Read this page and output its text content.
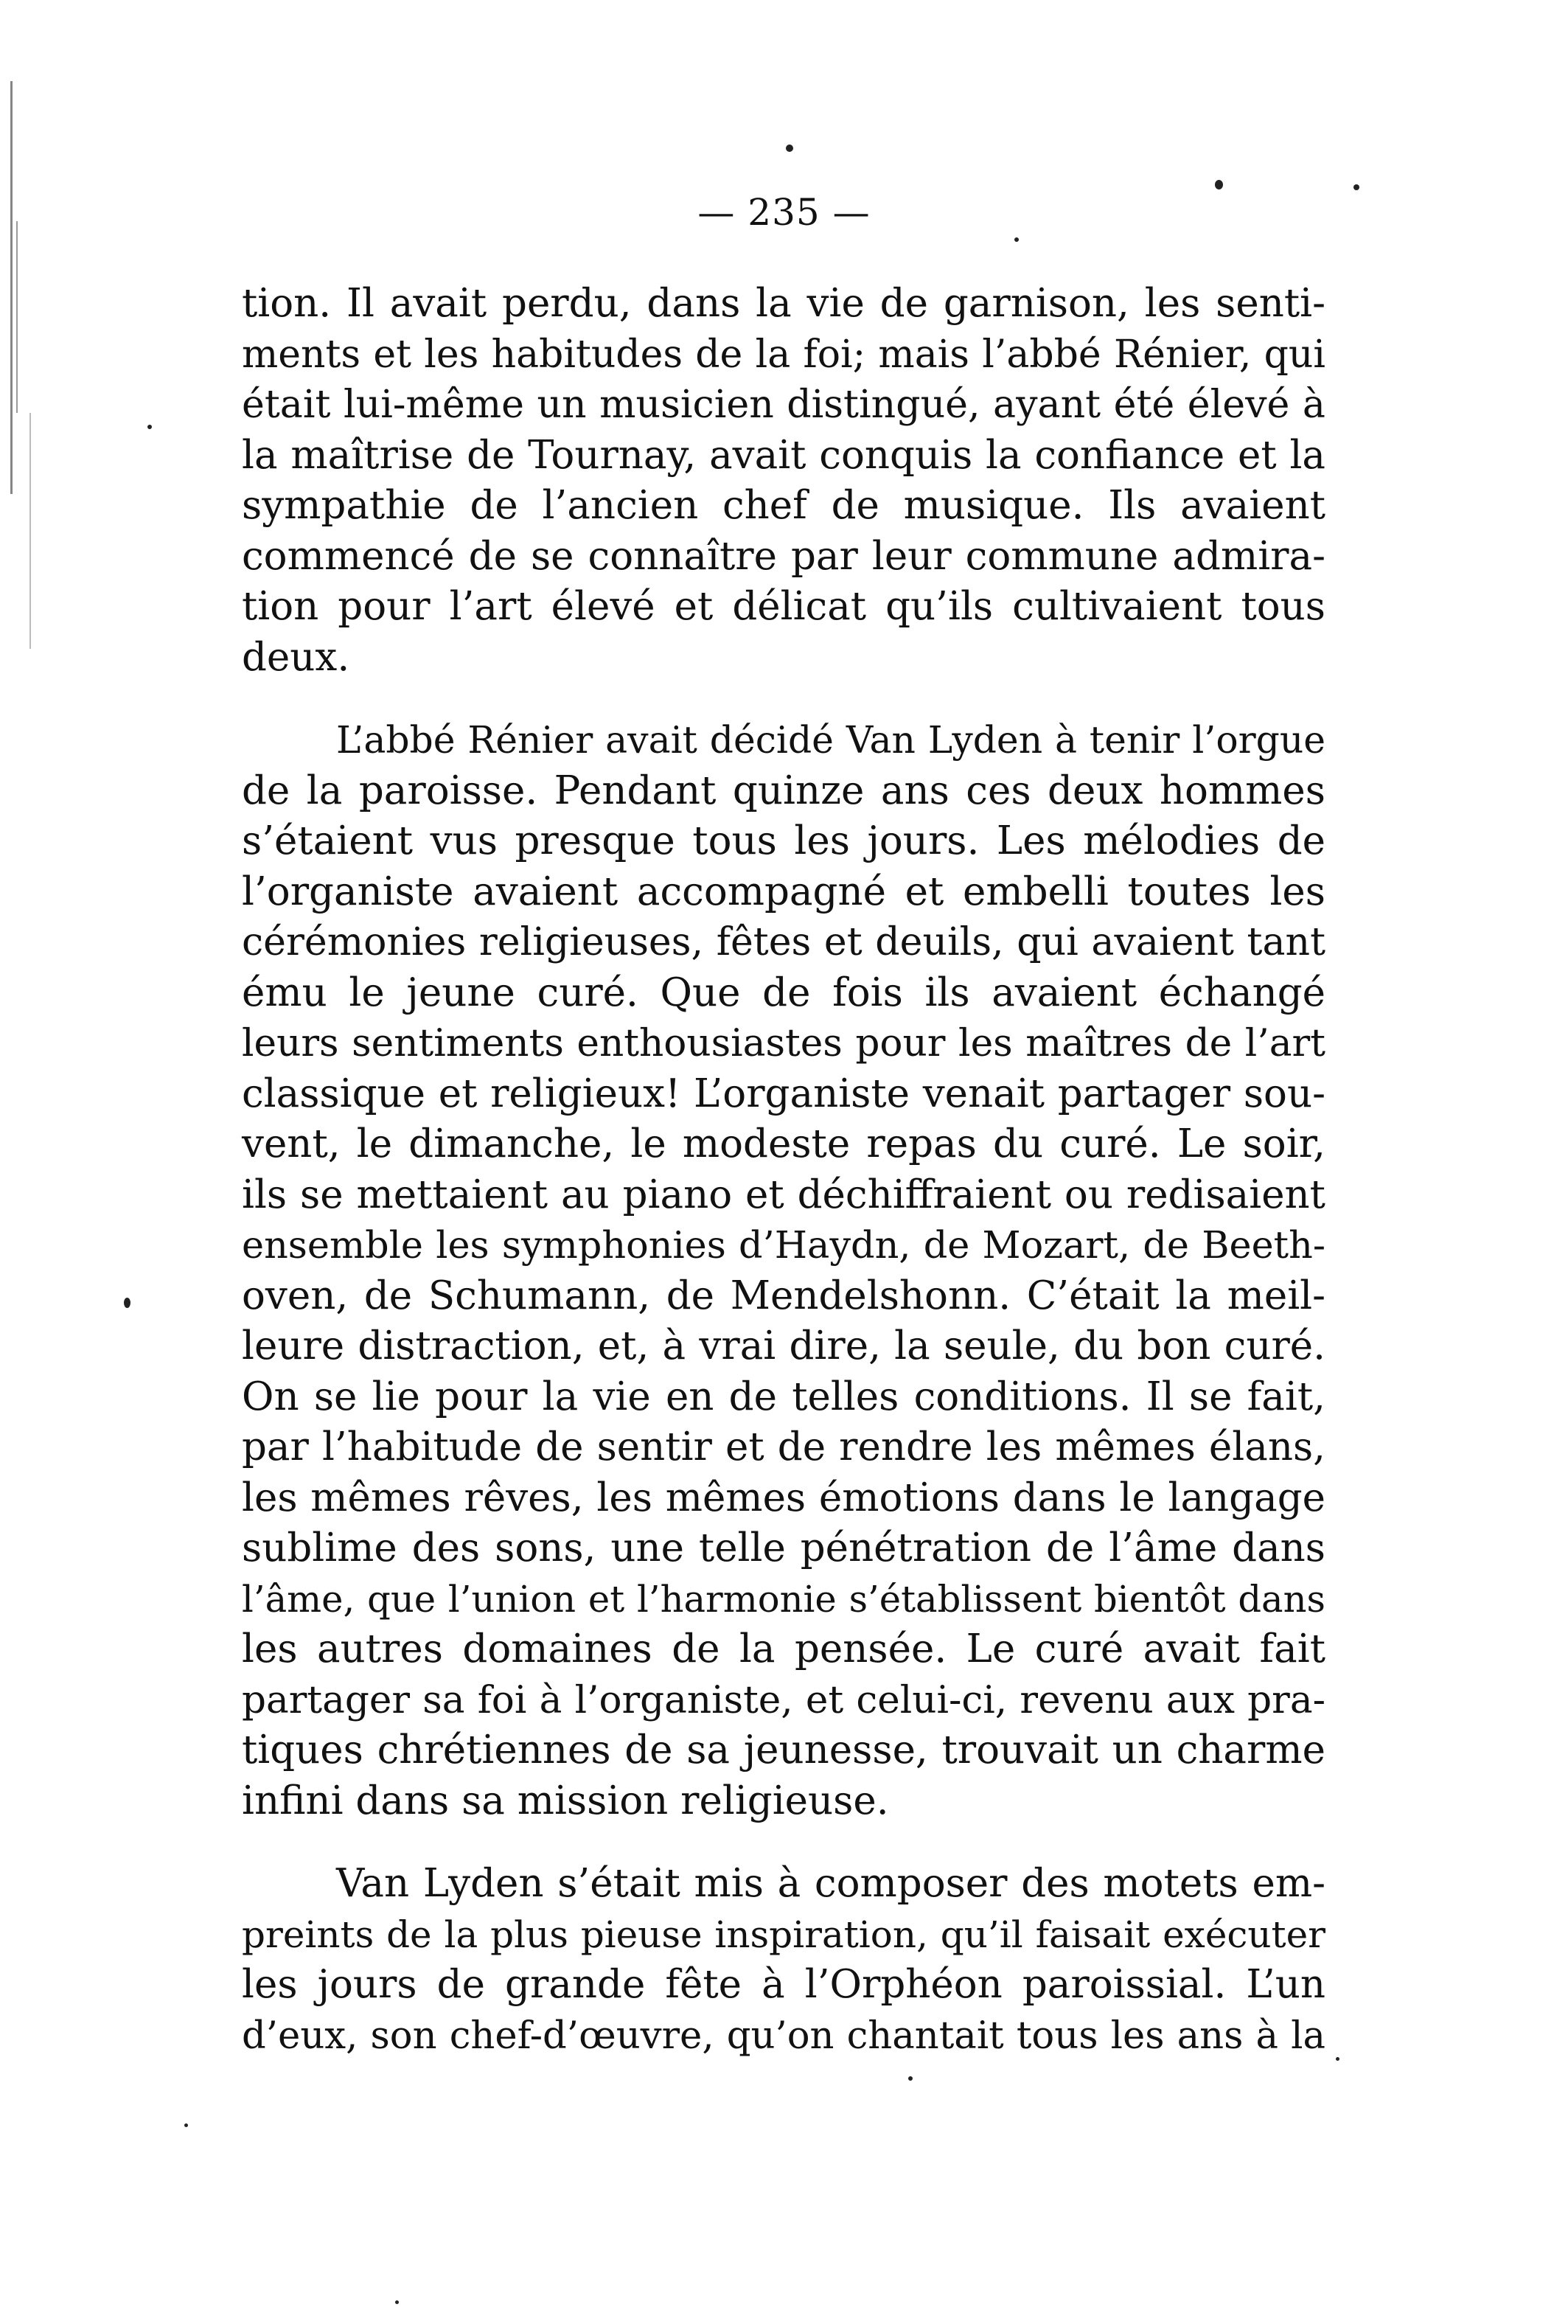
— 235 —
tion. Il avait perdu, dans la vie de garnison, les senti-
ments et les habitudes de la foi; mais l’abbé Rénier, qui
était lui-même un musicien distingué, ayant été élevé à
la maîtrise de Tournay, avait conquis la confiance et la
sympathie de l’ancien chef de musique. Ils avaient
commencé de se connaître par leur commune admira-
tion pour l’art élevé et délicat qu’ils cultivaient tous
deux.
L’abbé Rénier avait décidé Van Lyden à tenir l’orgue
de la paroisse. Pendant quinze ans ces deux hommes
s’étaient vus presque tous les jours. Les mélodies de
l’organiste avaient accompagné et embelli toutes les
cérémonies religieuses, fêtes et deuils, qui avaient tant
ému le jeune curé. Que de fois ils avaient échangé
leurs sentiments enthousiastes pour les maîtres de l’art
classique et religieux! L’organiste venait partager sou-
vent, le dimanche, le modeste repas du curé. Le soir,
ils se mettaient au piano et déchiffraient ou redisaient
ensemble les symphonies d’Haydn, de Mozart, de Beeth-
oven, de Schumann, de Mendelshonn. C’était la meil-
leure distraction, et, à vrai dire, la seule, du bon curé.
On se lie pour la vie en de telles conditions. Il se fait,
par l’habitude de sentir et de rendre les mêmes élans,
les mêmes rêves, les mêmes émotions dans le langage
sublime des sons, une telle pénétration de l’âme dans
l’âme, que l’union et l’harmonie s’établissent bientôt dans
les autres domaines de la pensée. Le curé avait fait
partager sa foi à l’organiste, et celui-ci, revenu aux pra-
tiques chrétiennes de sa jeunesse, trouvait un charme
infini dans sa mission religieuse.
Van Lyden s’était mis à composer des motets em-
preints de la plus pieuse inspiration, qu’il faisait exécuter
les jours de grande fête à l’Orphéon paroissial. L’un
d’eux, son chef-d’œuvre, qu’on chantait tous les ans à la
